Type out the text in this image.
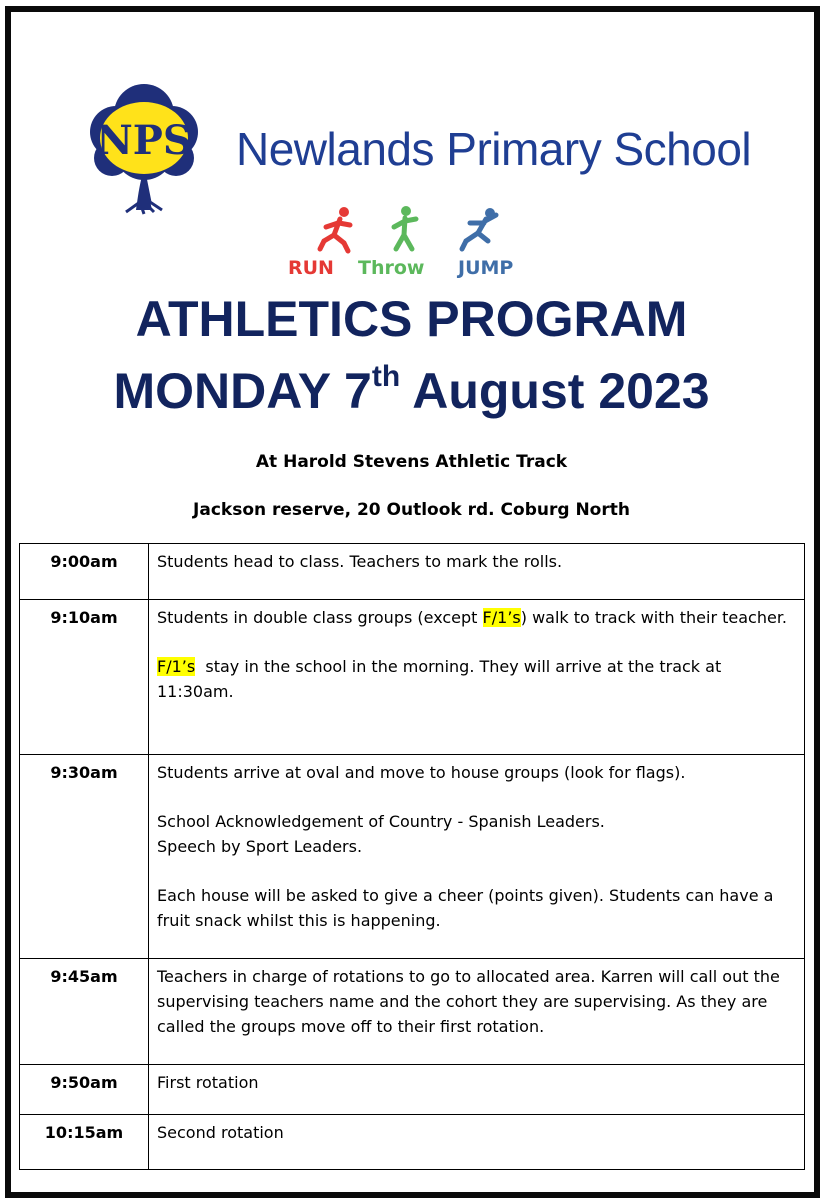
NPS Newlands Primary School
RUN Throw JUMP
ATHLETICS PROGRAM
MONDAY 7th August 2023
At Harold Stevens Athletic Track
Jackson reserve, 20 Outlook rd. Coburg North
9:00am	Students head to class. Teachers to mark the rolls.

9:10am	Students in double class groups (except F/1’s) walk to track with their teacher.

F/1’s  stay in the school in the morning. They will arrive at the track at 11:30am.

9:30am	Students arrive at oval and move to house groups (look for flags).

School Acknowledgement of Country - Spanish Leaders.
Speech by Sport Leaders.

Each house will be asked to give a cheer (points given). Students can have a fruit snack whilst this is happening.

9:45am	Teachers in charge of rotations to go to allocated area. Karren will call out the supervising teachers name and the cohort they are supervising. As they are called the groups move off to their first rotation.

9:50am	First rotation

10:15am	Second rotation
